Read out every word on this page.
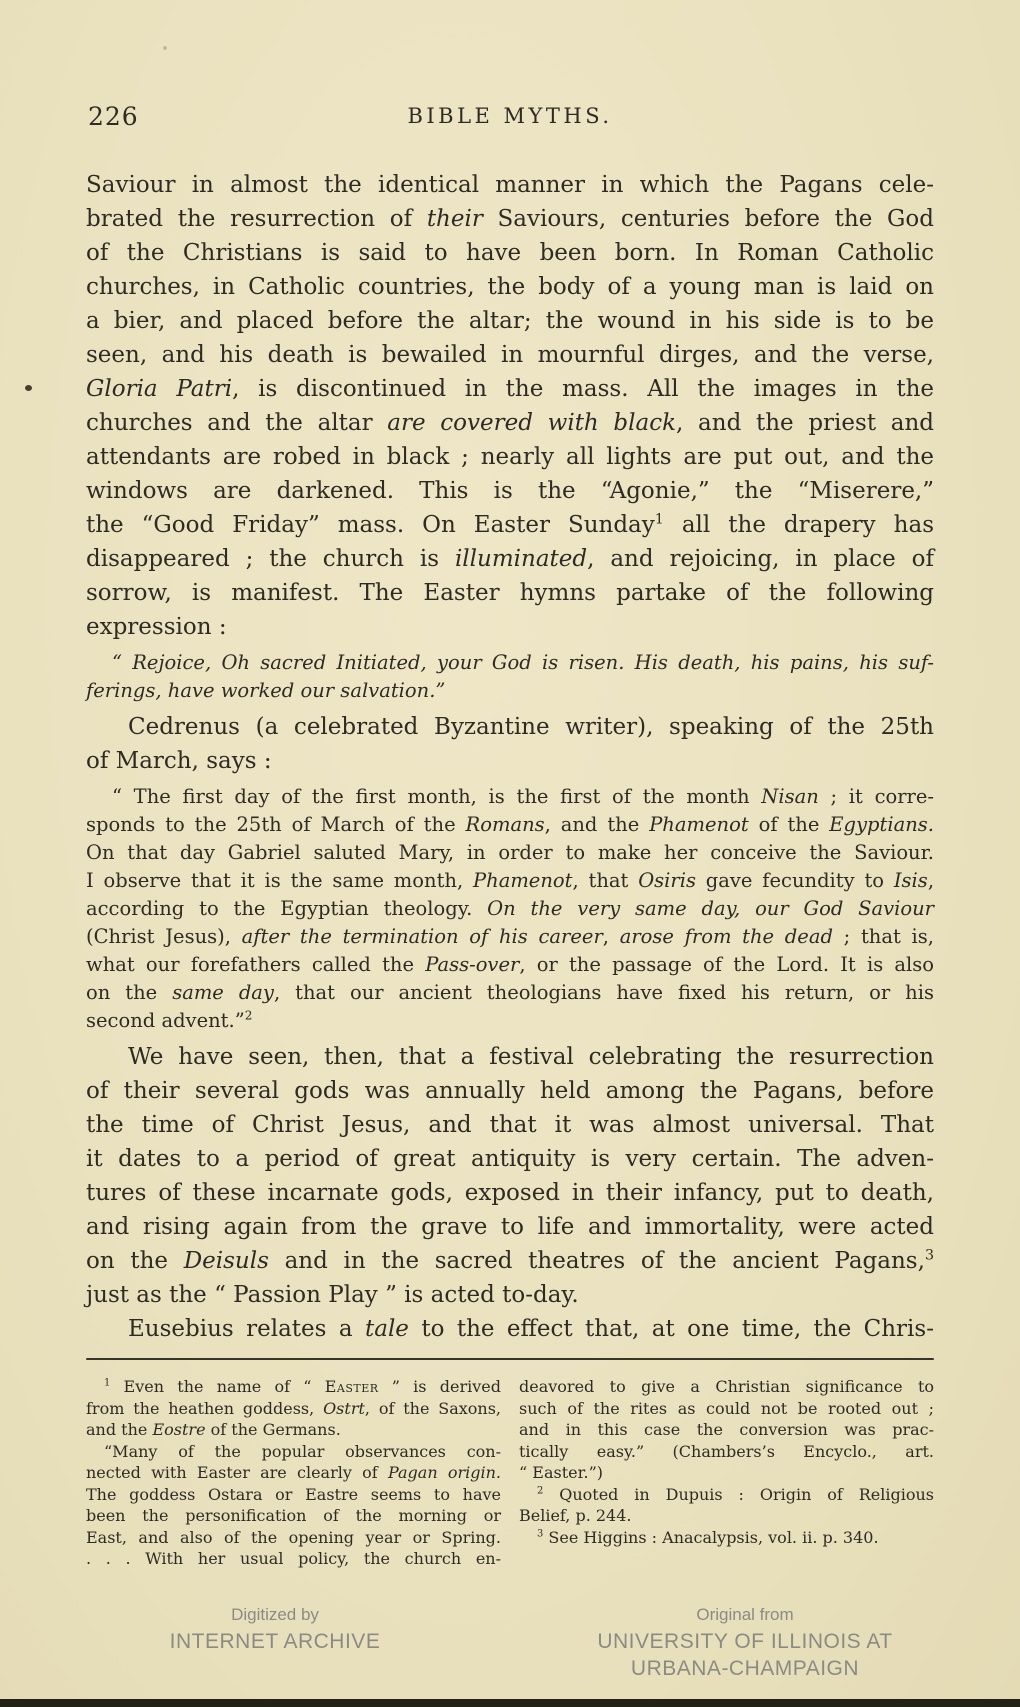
226	BIBLE MYTHS.
Saviour in almost the identical manner in which the Pagans cele-
brated the resurrection of their Saviours, centuries before the God
of the Christians is said to have been born. In Roman Catholic
churches, in Catholic countries, the body of a young man is laid on
a bier, and placed before the altar; the wound in his side is to be
seen, and his death is bewailed in mournful dirges, and the verse,
Gloria Patri, is discontinued in the mass. All the images in the
churches and the altar are covered with black, and the priest and
attendants are robed in black ; nearly all lights are put out, and the
windows are darkened. This is the “Agonie,” the “Miserere,”
the “Good Friday” mass. On Easter Sunday$^1$ all the drapery has
disappeared ; the church is illuminated, and rejoicing, in place of
sorrow, is manifest. The Easter hymns partake of the following
expression :
“ Rejoice, Oh sacred Initiated, your God is risen. His death, his pains, his suf-
ferings, have worked our salvation.”
Cedrenus (a celebrated Byzantine writer), speaking of the 25th
of March, says :
“ The first day of the first month, is the first of the month Nisan ; it corre-
sponds to the 25th of March of the Romans, and the Phamenot of the Egyptians.
On that day Gabriel saluted Mary, in order to make her conceive the Saviour.
I observe that it is the same month, Phamenot, that Osiris gave fecundity to Isis,
according to the Egyptian theology. On the very same day, our God Saviour
(Christ Jesus), after the termination of his career, arose from the dead ; that is,
what our forefathers called the Pass-over, or the passage of the Lord. It is also
on the same day, that our ancient theologians have fixed his return, or his
second advent.”$^2$
We have seen, then, that a festival celebrating the resurrection
of their several gods was annually held among the Pagans, before
the time of Christ Jesus, and that it was almost universal. That
it dates to a period of great antiquity is very certain. The adven-
tures of these incarnate gods, exposed in their infancy, put to death,
and rising again from the grave to life and immortality, were acted
on the Deisuls and in the sacred theatres of the ancient Pagans,$^3$
just as the “ Passion Play ” is acted to-day.
Eusebius relates a tale to the effect that, at one time, the Chris-
$^1$ Even the name of “ Easter ” is derived
from the heathen goddess, Ostrt, of the Saxons,
and the Eostre of the Germans.
“Many of the popular observances con-
nected with Easter are clearly of Pagan origin.
The goddess Ostara or Eastre seems to have
been the personification of the morning or
East, and also of the opening year or Spring.
. . . With her usual policy, the church en-
deavored to give a Christian significance to
such of the rites as could not be rooted out ;
and in this case the conversion was prac-
tically easy.” (Chambers’s Encyclo., art.
“ Easter.”)
$^2$ Quoted in Dupuis : Origin of Religious
Belief, p. 244.
$^3$ See Higgins : Anacalypsis, vol. ii. p. 340.
Digitized by
INTERNET ARCHIVE
Original from
UNIVERSITY OF ILLINOIS AT
URBANA-CHAMPAIGN
